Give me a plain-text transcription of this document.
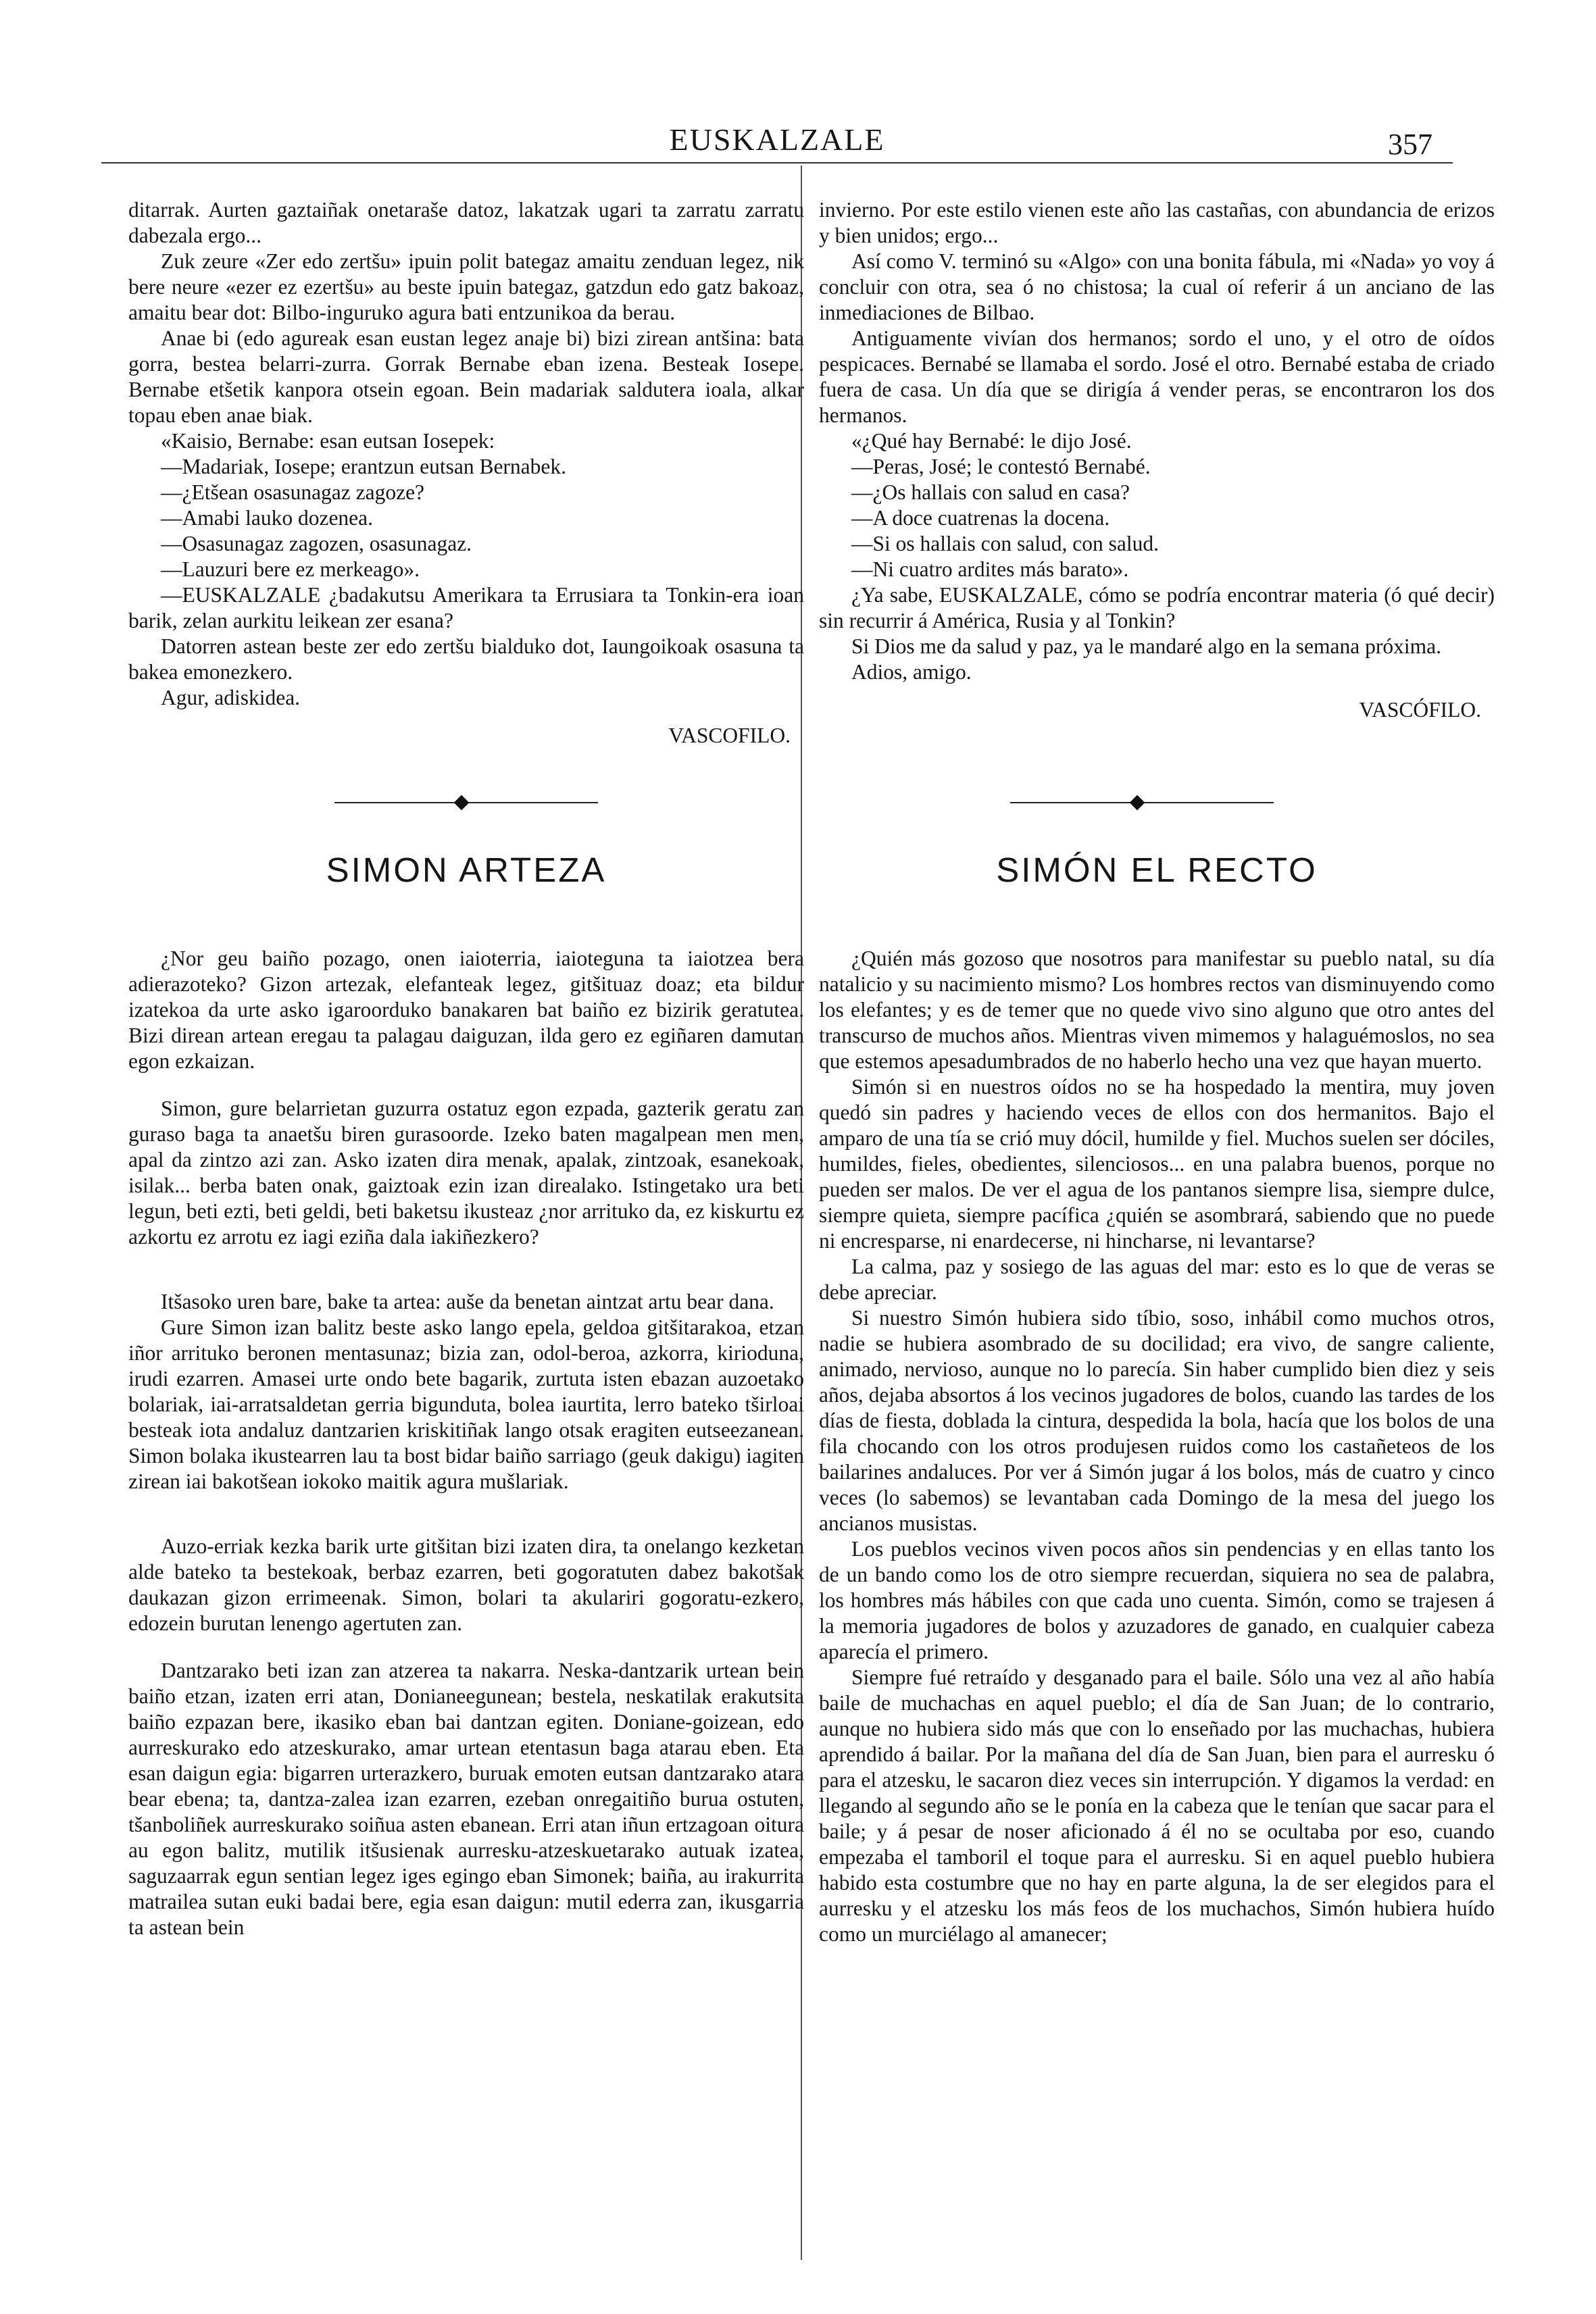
EUSKALZALE	357

ditarrak. Aurten gaztaiñak onetaraše datoz, lakatzak ugari ta zarratu zarratu dabezala ergo...

Zuk zeure «Zer edo zertšu» ipuin polit bategaz amaitu zenduan legez, nik bere neure «ezer ez ezertšu» au beste ipuin bategaz, gatzdun edo gatz bakoaz, amaitu bear dot: Bilbo-inguruko agura bati entzunikoa da berau.

Anae bi (edo agureak esan eustan legez anaje bi) bizi zirean antšina: bata gorra, bestea belarri-zurra. Gorrak Bernabe eban izena. Besteak Iosepe. Bernabe etšetik kanpora otsein egoan. Bein madariak saldutera ioala, alkar topau eben anae biak.

«Kaisio, Bernabe: esan eutsan Iosepek:

—Madariak, Iosepe; erantzun eutsan Bernabek.

—¿Etšean osasunagaz zagoze?

—Amabi lauko dozenea.

—Osasunagaz zagozen, osasunagaz.

—Lauzuri bere ez merkeago».

—EUSKALZALE ¿badakutsu Amerikara ta Errusiara ta Tonkin-era ioan barik, zelan aurkitu leikean zer esana?

Datorren astean beste zer edo zertšu bialduko dot, Iaungoikoak osasuna ta bakea emonezkero.

Agur, adiskidea.

VASCOFILO.

invierno. Por este estilo vienen este año las castañas, con abundancia de erizos y bien unidos; ergo...

Así como V. terminó su «Algo» con una bonita fábula, mi «Nada» yo voy á concluir con otra, sea ó no chistosa; la cual oí referir á un anciano de las inmediaciones de Bilbao.

Antiguamente vivían dos hermanos; sordo el uno, y el otro de oídos pespicaces. Bernabé se llamaba el sordo. José el otro. Bernabé estaba de criado fuera de casa. Un día que se dirigía á vender peras, se encontraron los dos hermanos.

«¿Qué hay Bernabé: le dijo José.

—Peras, José; le contestó Bernabé.

—¿Os hallais con salud en casa?

—A doce cuatrenas la docena.

—Si os hallais con salud, con salud.

—Ni cuatro ardites más barato».

¿Ya sabe, EUSKALZALE, cómo se podría encontrar materia (ó qué decir) sin recurrir á América, Rusia y al Tonkin?

Si Dios me da salud y paz, ya le mandaré algo en la semana próxima.

Adios, amigo.

VASCÓFILO.
SIMON ARTEZA	SIMÓN EL RECTO

¿Nor geu baiño pozago, onen iaioterria, iaioteguna ta iaiotzea bera adierazoteko? Gizon artezak, elefanteak legez, gitšituaz doaz; eta bildur izatekoa da urte asko igaroorduko banakaren bat baiño ez bizirik geratutea. Bizi direan artean eregau ta palagau daiguzan, ilda gero ez egiñaren damutan egon ezkaizan.

Simon, gure belarrietan guzurra ostatuz egon ezpada, gazterik geratu zan guraso baga ta anaetšu biren gurasoorde. Izeko baten magalpean men men, apal da zintzo azi zan. Asko izaten dira menak, apalak, zintzoak, esanekoak, isilak... berba baten onak, gaiztoak ezin izan direalako. Istingetako ura beti legun, beti ezti, beti geldi, beti baketsu ikusteaz ¿nor arrituko da, ez kiskurtu ez azkortu ez arrotu ez iagi eziña dala iakiñezkero?

Itšasoko uren bare, bake ta artea: auše da benetan aintzat artu bear dana.

Gure Simon izan balitz beste asko lango epela, geldoa gitšitarakoa, etzan iñor arrituko beronen mentasunaz; bizia zan, odol-beroa, azkorra, kirioduna, irudi ezarren. Amasei urte ondo bete bagarik, zurtuta isten ebazan auzoetako bolariak, iai-arratsaldetan gerria bigunduta, bolea iaurtita, lerro bateko tširloai besteak iota andaluz dantzarien kriskitiñak lango otsak eragiten eutseezanean. Simon bolaka ikustearren lau ta bost bidar baiño sarriago (geuk dakigu) iagiten zirean iai bakotšean iokoko maitik agura mušlariak.

Auzo-erriak kezka barik urte gitšitan bizi izaten dira, ta onelango kezketan alde bateko ta bestekoak, berbaz ezarren, beti gogoratuten dabez bakotšak daukazan gizon errimeenak. Simon, bolari ta akulariri gogoratu-ezkero, edozein burutan lenengo agertuten zan.

Dantzarako beti izan zan atzerea ta nakarra. Neska-dantzarik urtean bein baiño etzan, izaten erri atan, Donianeegunean; bestela, neskatilak erakutsita baiño ezpazan bere, ikasiko eban bai dantzan egiten. Doniane-goizean, edo aurreskurako edo atzeskurako, amar urtean etentasun baga atarau eben. Eta esan daigun egia: bigarren urterazkero, buruak emoten eutsan dantzarako atara bear ebena; ta, dantza-zalea izan ezarren, ezeban onregaitiño burua ostuten, tšanboliñek aurreskurako soiñua asten ebanean. Erri atan iñun ertzagoan oitura au egon balitz, mutilik itšusienak aurresku-atzeskuetarako autuak izatea, saguzaarrak egun sentian legez iges egingo eban Simonek; baiña, au irakurrita matrailea sutan euki badai bere, egia esan daigun: mutil ederra zan, ikusgarria ta astean bein

¿Quién más gozoso que nosotros para manifestar su pueblo natal, su día natalicio y su nacimiento mismo? Los hombres rectos van disminuyendo como los elefantes; y es de temer que no quede vivo sino alguno que otro antes del transcurso de muchos años. Mientras viven mimemos y halaguémoslos, no sea que estemos apesadumbrados de no haberlo hecho una vez que hayan muerto.

Simón si en nuestros oídos no se ha hospedado la mentira, muy joven quedó sin padres y haciendo veces de ellos con dos hermanitos. Bajo el amparo de una tía se crió muy dócil, humilde y fiel. Muchos suelen ser dóciles, humildes, fieles, obedientes, silenciosos... en una palabra buenos, porque no pueden ser malos. De ver el agua de los pantanos siempre lisa, siempre dulce, siempre quieta, siempre pacífica ¿quién se asombrará, sabiendo que no puede ni encresparse, ni enardecerse, ni hincharse, ni levantarse?

La calma, paz y sosiego de las aguas del mar: esto es lo que de veras se debe apreciar.

Si nuestro Simón hubiera sido tíbio, soso, inhábil como muchos otros, nadie se hubiera asombrado de su docilidad; era vivo, de sangre caliente, animado, nervioso, aunque no lo parecía. Sin haber cumplido bien diez y seis años, dejaba absortos á los vecinos jugadores de bolos, cuando las tardes de los días de fiesta, doblada la cintura, despedida la bola, hacía que los bolos de una fila chocando con los otros produjesen ruidos como los castañeteos de los bailarines andaluces. Por ver á Simón jugar á los bolos, más de cuatro y cinco veces (lo sabemos) se levantaban cada Domingo de la mesa del juego los ancianos musistas.

Los pueblos vecinos viven pocos años sin pendencias y en ellas tanto los de un bando como los de otro siempre recuerdan, siquiera no sea de palabra, los hombres más hábiles con que cada uno cuenta. Simón, como se trajesen á la memoria jugadores de bolos y azuzadores de ganado, en cualquier cabeza aparecía el primero.

Siempre fué retraído y desganado para el baile. Sólo una vez al año había baile de muchachas en aquel pueblo; el día de San Juan; de lo contrario, aunque no hubiera sido más que con lo enseñado por las muchachas, hubiera aprendido á bailar. Por la mañana del día de San Juan, bien para el aurresku ó para el atzesku, le sacaron diez veces sin interrupción. Y digamos la verdad: en llegando al segundo año se le ponía en la cabeza que le tenían que sacar para el baile; y á pesar de noser aficionado á él no se ocultaba por eso, cuando empezaba el tamboril el toque para el aurresku. Si en aquel pueblo hubiera habido esta costumbre que no hay en parte alguna, la de ser elegidos para el aurresku y el atzesku los más feos de los muchachos, Simón hubiera huído como un murciélago al amanecer;
